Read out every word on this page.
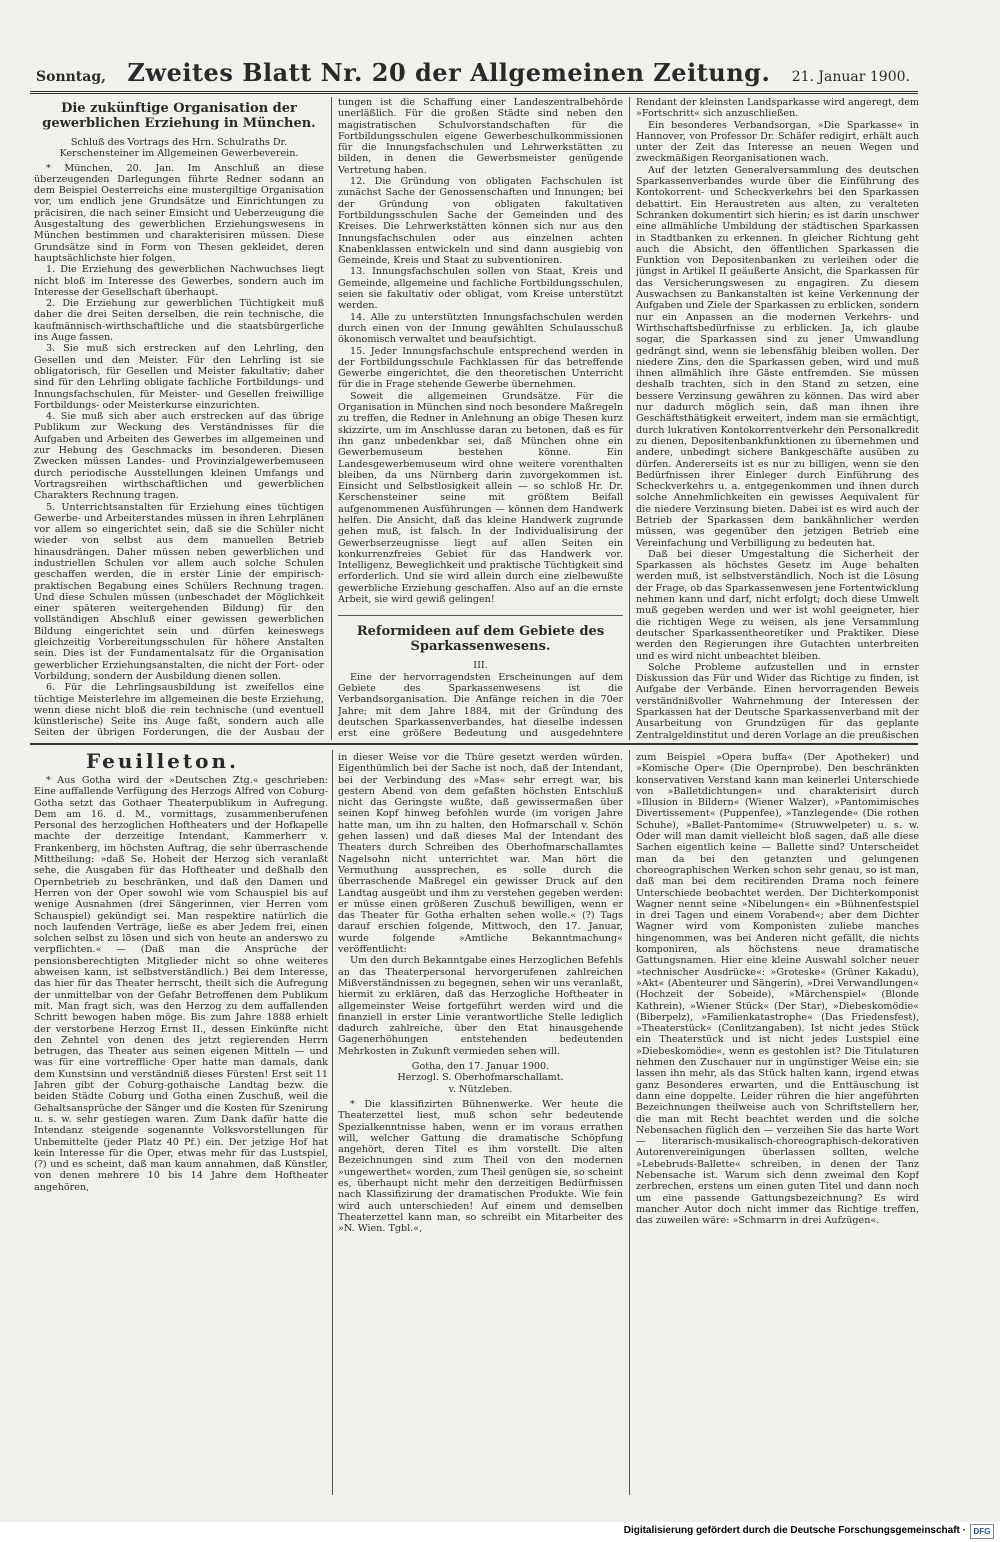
Sonntag, Zweites Blatt Nr. 20 der Allgemeinen Zeitung. 21. Januar 1900.

Die zukünftige Organisation der gewerblichen Erziehung in München.

Schluß des Vortrags des Hrn. Schulraths Dr. Kerschensteiner im Allgemeinen Gewerbeverein.

* München, 20. Jan. Im Anschluß an diese überzeugenden Darlegungen führte Redner sodann an dem Beispiel Oesterreichs eine mustergiltige Organisation vor, um endlich jene Grundsätze und Einrichtungen zu präcisiren, die nach seiner Einsicht und Ueberzeugung die Ausgestaltung des gewerblichen Erziehungswesens in München bestimmen und charakterisiren müssen. Diese Grundsätze sind in Form von Thesen gekleidet, deren hauptsächlichste hier folgen.

1. Die Erziehung des gewerblichen Nachwuchses liegt nicht bloß im Interesse des Gewerbes, sondern auch im Interesse der Gesellschaft überhaupt.

2. Die Erziehung zur gewerblichen Tüchtigkeit muß daher die drei Seiten derselben, die rein technische, die kaufmännisch-wirthschaftliche und die staatsbürgerliche ins Auge fassen.

3. Sie muß sich erstrecken auf den Lehrling, den Gesellen und den Meister. Für den Lehrling ist sie obligatorisch, für Gesellen und Meister fakultativ; daher sind für den Lehrling obligate fachliche Fortbildungs- und Innungsfachschulen, für Meister- und Gesellen freiwillige Fortbildungs- oder Meisterkurse einzurichten.

4. Sie muß sich aber auch erstrecken auf das übrige Publikum zur Weckung des Verständnisses für die Aufgaben und Arbeiten des Gewerbes im allgemeinen und zur Hebung des Geschmacks im besonderen. Diesen Zwecken müssen Landes- und Provinzialgewerbemuseen durch periodische Ausstellungen kleinen Umfangs und Vortragsreihen wirthschaftlichen und gewerblichen Charakters Rechnung tragen.

5. Unterrichtsanstalten für Erziehung eines tüchtigen Gewerbe- und Arbeiterstandes müssen in ihren Lehrplänen vor allem so eingerichtet sein, daß sie die Schüler nicht wieder von selbst aus dem manuellen Betrieb hinausdrängen. Daher müssen neben gewerblichen und industriellen Schulen vor allem auch solche Schulen geschaffen werden, die in erster Linie der empirisch-praktischen Begabung eines Schülers Rechnung tragen. Und diese Schulen müssen (unbeschadet der Möglichkeit einer späteren weitergehenden Bildung) für den vollständigen Abschluß einer gewissen gewerblichen Bildung eingerichtet sein und dürfen keineswegs gleichzeitig Vorbereitungsschulen für höhere Anstalten sein. Dies ist der Fundamentalsatz für die Organisation gewerblicher Erziehungsanstalten, die nicht der Fort- oder Vorbildung, sondern der Ausbildung dienen sollen.

6. Für die Lehrlingsausbildung ist zweifellos eine tüchtige Meisterlehre im allgemeinen die beste Erziehung, wenn diese nicht bloß die rein technische (und eventuell künstlerische) Seite ins Auge faßt, sondern auch alle Seiten der übrigen Forderungen, die der Ausbau der

tungen ist die Schaffung einer Landeszentralbehörde unerläßlich. Für die großen Städte sind neben den magistratischen Schulvorstandschaften für die Fortbildungsschulen eigene Gewerbeschulkommissionen für die Innungsfachschulen und Lehrwerkstätten zu bilden, in denen die Gewerbsmeister genügende Vertretung haben.

12. Die Gründung von obligaten Fachschulen ist zunächst Sache der Genossenschaften und Innungen; bei der Gründung von obligaten fakultativen Fortbildungsschulen Sache der Gemeinden und des Kreises. Die Lehrwerkstätten können sich nur aus den Innungsfachschulen oder aus einzelnen achten Knabenklassen entwickeln und sind dann ausgiebig von Gemeinde, Kreis und Staat zu subventioniren.

13. Innungsfachschulen sollen von Staat, Kreis und Gemeinde, allgemeine und fachliche Fortbildungsschulen, seien sie fakultativ oder obligat, vom Kreise unterstützt werden.

14. Alle zu unterstützten Innungsfachschulen werden durch einen von der Innung gewählten Schulausschuß ökonomisch verwaltet und beaufsichtigt.

15. Jeder Innungsfachschule entsprechend werden in der Fortbildungsschule Fachklassen für das betreffende Gewerbe eingerichtet, die den theoretischen Unterricht für die in Frage stehende Gewerbe übernehmen.

Soweit die allgemeinen Grundsätze. Für die Organisation in München sind noch besondere Maßregeln zu treffen, die Redner in Anlehnung an obige Thesen kurz skizzirte, um im Anschlusse daran zu betonen, daß es für ihn ganz unbedenkbar sei, daß München ohne ein Gewerbemuseum bestehen könne. Ein Landesgewerbemuseum wird ohne weitere vorenthalten bleiben, da uns Nürnberg darin zuvorgekommen ist. Einsicht und Selbstlosigkeit allein — so schloß Hr. Dr. Kerschensteiner seine mit größtem Beifall aufgenommenen Ausführungen — können dem Handwerk helfen. Die Ansicht, daß das kleine Handwerk zugrunde gehen muß, ist falsch. In der Individualisirung der Gewerbserzeugnisse liegt auf allen Seiten ein konkurrenzfreies Gebiet für das Handwerk vor. Intelligenz, Beweglichkeit und praktische Tüchtigkeit sind erforderlich. Und sie wird allein durch eine zielbewußte gewerbliche Erziehung geschaffen. Also auf an die ernste Arbeit, sie wird gewiß gelingen!

Reformideen auf dem Gebiete des Sparkassenwesens.

III.

Eine der hervorragendsten Erscheinungen auf dem Gebiete des Sparkassenwesens ist die Verbandsorganisation. Die Anfänge reichen in die 70er Jahre; mit dem Jahre 1884, mit der Gründung des deutschen Sparkassenverbandes, hat dieselbe indessen erst eine größere Bedeutung und ausgedehntere

Rendant der kleinsten Landsparkasse wird angeregt, dem »Fortschritt« sich anzuschließen.

Ein besonderes Verbandsorgan, »Die Sparkasse« in Hannover, von Professor Dr. Schäfer redigirt, erhält auch unter der Zeit das Interesse an neuen Wegen und zweckmäßigen Reorganisationen wach.

Auf der letzten Generalversammlung des deutschen Sparkassenverbandes wurde über die Einführung des Kontokorrent- und Scheckverkehrs bei den Sparkassen debattirt. Ein Heraustreten aus alten, zu veralteten Schranken dokumentirt sich hierin; es ist darin unschwer eine allmähliche Umbildung der städtischen Sparkassen in Stadtbanken zu erkennen. In gleicher Richtung geht auch die Absicht, den öffentlichen Sparkassen die Funktion von Depositenbanken zu verleihen oder die jüngst in Artikel II geäußerte Ansicht, die Sparkassen für das Versicherungswesen zu engagiren. Zu diesem Auswachsen zu Bankanstalten ist keine Verkennung der Aufgaben und Ziele der Sparkassen zu erblicken, sondern nur ein Anpassen an die modernen Verkehrs- und Wirthschaftsbedürfnisse zu erblicken. Ja, ich glaube sogar, die Sparkassen sind zu jener Umwandlung gedrängt sind, wenn sie lebensfähig bleiben wollen. Der niedere Zins, den die Sparkassen geben, wird und muß ihnen allmählich ihre Gäste entfremden. Sie müssen deshalb trachten, sich in den Stand zu setzen, eine bessere Verzinsung gewähren zu können. Das wird aber nur dadurch möglich sein, daß man ihnen ihre Geschäftsthätigkeit erweitert, indem man sie ermächtigt, durch lukrativen Kontokorrentverkehr den Personalkredit zu dienen, Depositenbankfunktionen zu übernehmen und andere, unbedingt sichere Bankgeschäfte ausüben zu dürfen. Andererseits ist es nur zu billigen, wenn sie den Bedürfnissen ihrer Einleger durch Einführung des Scheckverkehrs u. a. entgegenkommen und ihnen durch solche Annehmlichkeiten ein gewisses Aequivalent für die niedere Verzinsung bieten. Dabei ist es wird auch der Betrieb der Sparkassen dem bankähnlicher werden müssen, was gegenüber den jetzigen Betrieb eine Vereinfachung und Verbilligung zu bedeuten hat.

Daß bei dieser Umgestaltung die Sicherheit der Sparkassen als höchstes Gesetz im Auge behalten werden muß, ist selbstverständlich. Noch ist die Lösung der Frage, ob das Sparkassenwesen jene Fortentwicklung nehmen kann und darf, nicht erfolgt; doch diese Umwelt muß gegeben werden und wer ist wohl geeigneter, hier die richtigen Wege zu weisen, als jene Versammlung deutscher Sparkassentheoretiker und Praktiker. Diese werden den Regierungen ihre Gutachten unterbreiten und es wird nicht unbeachtet bleiben.

Solche Probleme aufzustellen und in ernster Diskussion das Für und Wider das Richtige zu finden, ist Aufgabe der Verbände. Einen hervorragenden Beweis verständnißvoller Wahrnehmung der Interessen der Sparkassen hat der Deutsche Sparkassenverband mit der Ausarbeitung von Grundzügen für das geplante Zentralgeldinstitut und deren Vorlage an die preußischen

Feuilleton.

* Aus Gotha wird der »Deutschen Ztg.« geschrieben: Eine auffallende Verfügung des Herzogs Alfred von Coburg-Gotha setzt das Gothaer Theaterpublikum in Aufregung. Dem am 16. d. M., vormittags, zusammenberufenen Personal des herzoglichen Hoftheaters und der Hofkapelle machte der derzeitige Intendant, Kammerherr v. Frankenberg, im höchsten Auftrag, die sehr überraschende Mittheilung: »daß Se. Hoheit der Herzog sich veranlaßt sehe, die Ausgaben für das Hoftheater und deßhalb den Opernbetrieb zu beschränken, und daß den Damen und Herren von der Oper sowohl wie vom Schauspiel bis auf wenige Ausnahmen (drei Sängerinnen, vier Herren vom Schauspiel) gekündigt sei. Man respektire natürlich die noch laufenden Verträge, ließe es aber Jedem frei, einen solchen selbst zu lösen und sich von heute an anderswo zu verpflichten.« — (Daß man die Ansprüche der pensionsberechtigten Mitglieder nicht so ohne weiteres abweisen kann, ist selbstverständlich.) Bei dem Interesse, das hier für das Theater herrscht, theilt sich die Aufregung der unmittelbar von der Gefahr Betroffenen dem Publikum mit. Man fragt sich, was den Herzog zu dem auffallenden Schritt bewogen haben möge. Bis zum Jahre 1888 erhielt der verstorbene Herzog Ernst II., dessen Einkünfte nicht den Zehntel von denen des jetzt regierenden Herrn betrugen, das Theater aus seinen eigenen Mitteln — und was für eine vortreffliche Oper hatte man damals, dank dem Kunstsinn und verständniß dieses Fürsten! Erst seit 11 Jahren gibt der Coburg-gothaische Landtag bezw. die beiden Städte Coburg und Gotha einen Zuschuß, weil die Gehaltsansprüche der Sänger und die Kosten für Szenirung u. s. w. sehr gestiegen waren. Zum Dank dafür hatte die Intendanz steigende sogenannte Volksvorstellungen für Unbemittelte (jeder Platz 40 Pf.) ein. Der jetzige Hof hat kein Interesse für die Oper, etwas mehr für das Lustspiel, (?) und es scheint, daß man kaum annahmen, daß Künstler, von denen mehrere 10 bis 14 Jahre dem Hoftheater angehören,

in dieser Weise vor die Thüre gesetzt werden würden. Eigenthümlich bei der Sache ist noch, daß der Intendant, bei der Verbindung des »Mas« sehr erregt war, bis gestern Abend von dem gefaßten höchsten Entschluß nicht das Geringste wußte, daß gewissermaßen über seinen Kopf hinweg befohlen wurde (im vorigen Jahre hatte man, um ihn zu halten, den Hofmarschall v. Schön gehen lassen) und daß dieses Mal der Intendant des Theaters durch Schreiben des Oberhofmarschallamtes Nagelsohn nicht unterrichtet war. Man hört die Vermuthung aussprechen, es solle durch die überraschende Maßregel ein gewisser Druck auf den Landtag ausgeübt und ihm zu verstehen gegeben werden: er müsse einen größeren Zuschuß bewilligen, wenn er das Theater für Gotha erhalten sehen wolle.« (?) Tags darauf erschien folgende, Mittwoch, den 17. Januar, wurde folgende »Amtliche Bekanntmachung« veröffentlicht:

Um den durch Bekanntgabe eines Herzoglichen Befehls an das Theaterpersonal hervorgerufenen zahlreichen Mißverständnissen zu begegnen, sehen wir uns veranlaßt, hiermit zu erklären, daß das Herzogliche Hoftheater in allgemeinster Weise fortgeführt werden wird und die finanziell in erster Linie verantwortliche Stelle lediglich dadurch zahlreiche, über den Etat hinausgehende Gagenerhöhungen entstehenden bedeutenden Mehrkosten in Zukunft vermieden sehen will.

Gotha, den 17. Januar 1900.

Herzogl. S. Oberhofmarschallamt.

v. Nützleben.

* Die klassifizirten Bühnenwerke. Wer heute die Theaterzettel liest, muß schon sehr bedeutende Spezialkenntnisse haben, wenn er im voraus errathen will, welcher Gattung die dramatische Schöpfung angehört, deren Titel es ihm vorstellt. Die alten Bezeichnungen sind zum Theil von den modernen »ungewerthet« worden, zum Theil genügen sie, so scheint es, überhaupt nicht mehr den derzeitigen Bedürfnissen nach Klassifizirung der dramatischen Produkte. Wie fein wird auch unterschieden! Auf einem und demselben Theaterzettel kann man, so schreibt ein Mitarbeiter des »N. Wien. Tgbl.«,

zum Beispiel »Opera buffa« (Der Apotheker) und »Komische Oper« (Die Opernprobe). Den beschränkten konservativen Verstand kann man keinerlei Unterschiede von »Balletdichtungen« und charakterisirt durch »Illusion in Bildern« (Wiener Walzer), »Pantomimisches Divertissement« (Puppenfee), »Tanzlegende« (Die rothen Schuhe), »Ballet-Pantomime« (Struwwelpeter) u. s. w. Oder will man damit vielleicht bloß sagen, daß alle diese Sachen eigentlich keine — Ballette sind? Unterscheidet man da bei den getanzten und gelungenen choreographischen Werken schon sehr genau, so ist man, daß man bei dem recitirenden Drama noch feinere Unterschiede beobachtet werden. Der Dichterkomponist Wagner nennt seine »Nibelungen« ein »Bühnenfestspiel in drei Tagen und einem Vorabend«; aber dem Dichter Wagner wird vom Komponisten zuliebe manches hingenommen, was bei Anderen nicht gefällt, die nichts komponiren, als höchstens neue dramatische Gattungsnamen. Hier eine kleine Auswahl solcher neuer »technischer Ausdrücke«: »Groteske« (Grüner Kakadu), »Akt« (Abenteurer und Sängerin), »Drei Verwandlungen« (Hochzeit der Sobeide), »Märchenspiel« (Blonde Kathrein), »Wiener Stück« (Der Star), »Diebeskomödie« (Biberpelz), »Familienkatastrophe« (Das Friedensfest), »Theaterstück« (Conlitzangaben). Ist nicht jedes Stück ein Theaterstück und ist nicht jedes Lustspiel eine »Diebeskomödie«, wenn es gestohlen ist? Die Titulaturen nehmen den Zuschauer nur in ungünstiger Weise ein; sie lassen ihn mehr, als das Stück halten kann, irgend etwas ganz Besonderes erwarten, und die Enttäuschung ist dann eine doppelte. Leider rühren die hier angeführten Bezeichnungen theilweise auch von Schriftstellern her, die man mit Recht beachtet werden und die solche Nebensachen füglich den — verzeihen Sie das harte Wort — literarisch-musikalisch-choreographisch-dekorativen Autorenvereinigungen überlassen sollten, welche »Lebebruds-Ballette« schreiben, in denen der Tanz Nebensache ist. Warum sich denn zweimal den Kopf zerbrechen, erstens um einen guten Titel und dann noch um eine passende Gattungsbezeichnung? Es wird mancher Autor doch nicht immer das Richtige treffen, das zuweilen wäre: »Schmarrn in drei Aufzügen«.

Digitalisierung gefördert durch die Deutsche Forschungsgemeinschaft · DFG
